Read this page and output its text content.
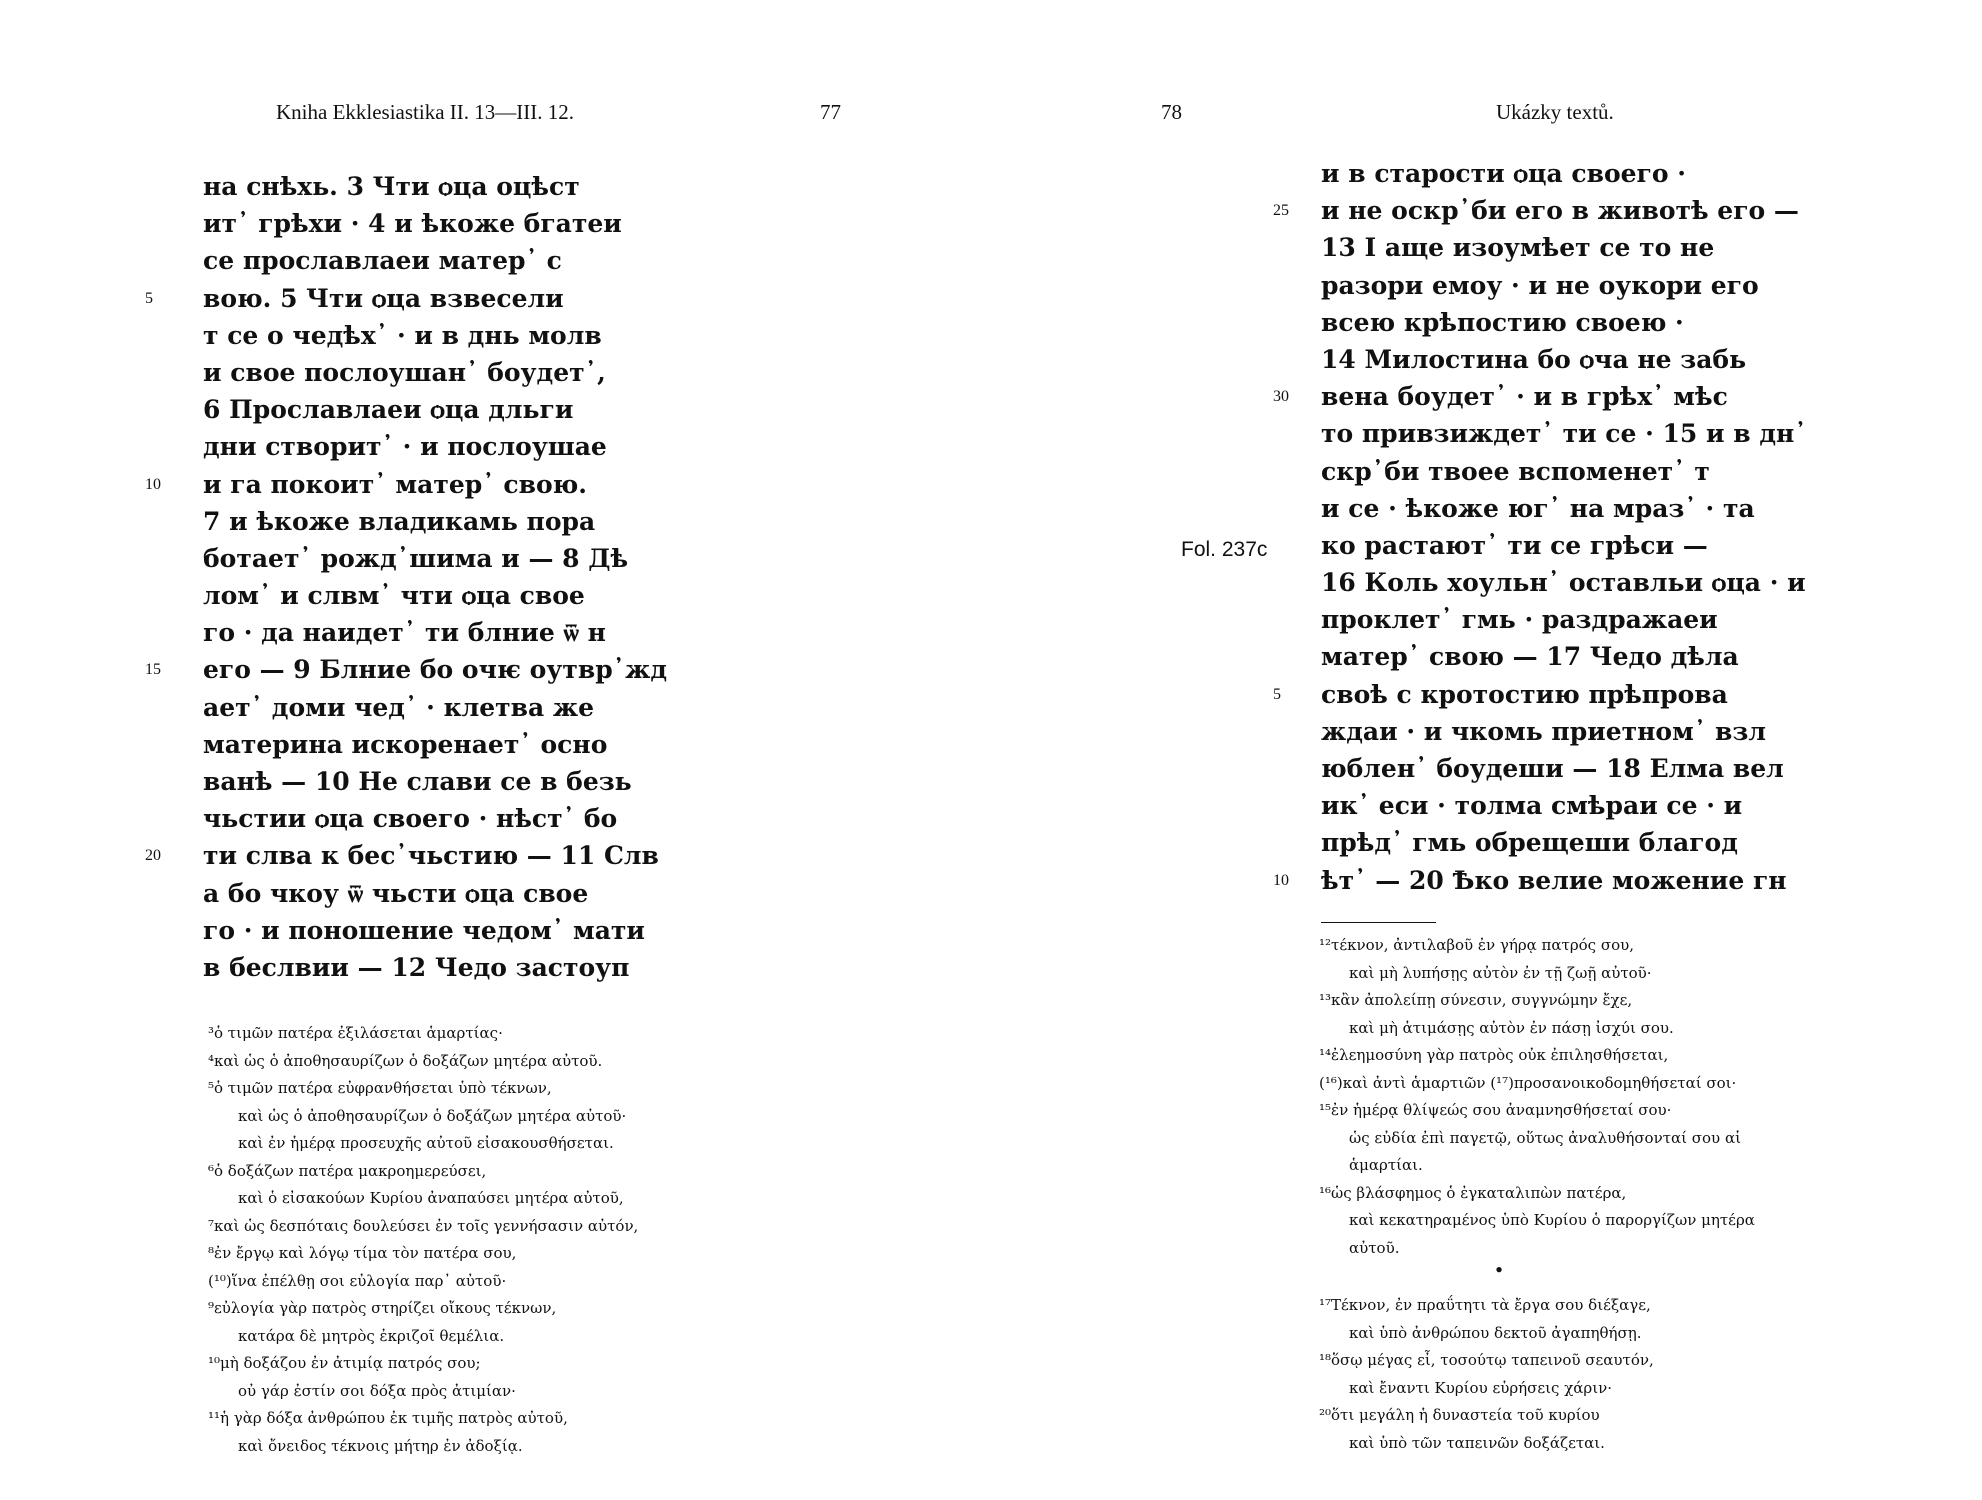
Kniha Ekklesiastika II. 13—III. 12.	77
на снѣхь. 3 Чти ѻца оцѣст
ит᾿ грѣхи · 4 и ѣкоже бгатеи
се прославлаеи матер᾿ с
5 вою. 5 Чти ѻца взвесели
т се о чедѣх᾿ · и в днь молв
и свое послоушан᾿ боудет᾿,
6 Прославлаеи ѻца дльги
дни створит᾿ · и послоушае
10 и га покоит᾿ матер᾿ свою.
7 и ѣкоже владикамь пора
ботает᾿ рожд᾿шима и — 8 Дѣ
лом᾿ и слвм᾿ чти ѻца свое
го · да наидет᾿ ти блние ѿ н
15 его — 9 Блние бо очѥ оутвр᾿жд
ает᾿ доми чед᾿ · клетва же
материна искоренает᾿ осно
ванѣ — 10 Не слави се в безь
чьстии ѻца своего · нѣст᾿ бо
20 ти слва к бес᾿чьстию — 11 Слв
а бо чкоу ѿ чьсти ѻца свое
го · и поношение чедом᾿ мати
в беслвии — 12 Чедо застоуп
³ὁ τιμῶν πατέρα ἐξιλάσεται ἁμαρτίας·
⁴καὶ ὡς ὁ ἀποθησαυρίζων ὁ δοξάζων μητέρα αὐτοῦ.
⁵ὁ τιμῶν πατέρα εὐφρανθήσεται ὑπὸ τέκνων,
καὶ ὡς ὁ ἀποθησαυρίζων ὁ δοξάζων μητέρα αὐτοῦ·
καὶ ἐν ἡμέρᾳ προσευχῆς αὐτοῦ εἰσακουσθήσεται.
⁶ὁ δοξάζων πατέρα μακροημερεύσει,
καὶ ὁ εἰσακούων Κυρίου ἀναπαύσει μητέρα αὐτοῦ,
⁷καὶ ὡς δεσπόταις δουλεύσει ἐν τοῖς γεννήσασιν αὐτόν,
⁸ἐν ἔργῳ καὶ λόγῳ τίμα τὸν πατέρα σου,
(¹⁰)ἵνα ἐπέλθῃ σοι εὐλογία παρ᾿ αὐτοῦ·
⁹εὐλογία γὰρ πατρὸς στηρίζει οἴκους τέκνων,
κατάρα δὲ μητρὸς ἐκριζοῖ θεμέλια.
¹⁰μὴ δοξάζου ἐν ἀτιμίᾳ πατρός σου;
οὐ γάρ ἐστίν σοι δόξα πρὸς ἀτιμίαν·
¹¹ἡ γὰρ δόξα ἀνθρώπου ἐκ τιμῆς πατρὸς αὐτοῦ,
καὶ ὄνειδος τέκνοις μήτηρ ἐν ἀδοξίᾳ.
78	Ukázky textů.
Fol. 237c
и в старости ѻца своего ·
25 и не оскр᾿би его в животѣ его —
13 І аще изоумѣет се то не
разори емоу · и не оукори его
всею крѣпостию своею ·
14 Милостина бо ѻча не забь
30 вена боудет᾿ · и в грѣх᾿ мѣс
то привзиждет᾿ ти се · 15 и в дн᾿
скр᾿би твоее вспоменет᾿ т
и се · ѣкоже юг᾿ на мраз᾿ · та
ко растают᾿ ти се грѣси —
16 Коль хоульн᾿ оставльи ѻца · и
проклет᾿ гмь · раздражаеи
матер᾿ свою — 17 Чедо дѣла
5 своѣ с кротостию прѣпрова
ждаи · и чкомь приетном᾿ взл
юблен᾿ боудеши — 18 Елма вел
ик᾿ еси · толма смѣраи се · и
прѣд᾿ гмь обрещеши благод
10 ѣт᾿ — 20 Ѣко велие можение гн
¹²τέκνον, ἀντιλαβοῦ ἐν γήρᾳ πατρός σου,
καὶ μὴ λυπήσῃς αὐτὸν ἐν τῇ ζωῇ αὐτοῦ·
¹³κἂν ἀπολείπῃ σύνεσιν, συγγνώμην ἔχε,
καὶ μὴ ἀτιμάσῃς αὐτὸν ἐν πάσῃ ἰσχύι σου.
¹⁴ἐλεημοσύνη γὰρ πατρὸς οὐκ ἐπιλησθήσεται,
(¹⁶)καὶ ἀντὶ ἁμαρτιῶν (¹⁷)προσανοικοδομηθήσεταί σοι·
¹⁵ἐν ἡμέρᾳ θλίψεώς σου ἀναμνησθήσεταί σου·
ὡς εὐδία ἐπὶ παγετῷ, οὕτως ἀναλυθήσονταί σου αἱ
ἁμαρτίαι.
¹⁶ὡς βλάσφημος ὁ ἐγκαταλιπὼν πατέρα,
καὶ κεκατηραμένος ὑπὸ Κυρίου ὁ παροργίζων μητέρα
αὐτοῦ.
•
¹⁷Τέκνον, ἐν πραΰτητι τὰ ἔργα σου διέξαγε,
καὶ ὑπὸ ἀνθρώπου δεκτοῦ ἀγαπηθήσῃ.
¹⁸ὅσῳ μέγας εἶ, τοσούτῳ ταπεινοῦ σεαυτόν,
καὶ ἔναντι Κυρίου εὑρήσεις χάριν·
²⁰ὅτι μεγάλη ἡ δυναστεία τοῦ κυρίου
καὶ ὑπὸ τῶν ταπεινῶν δοξάζεται.
